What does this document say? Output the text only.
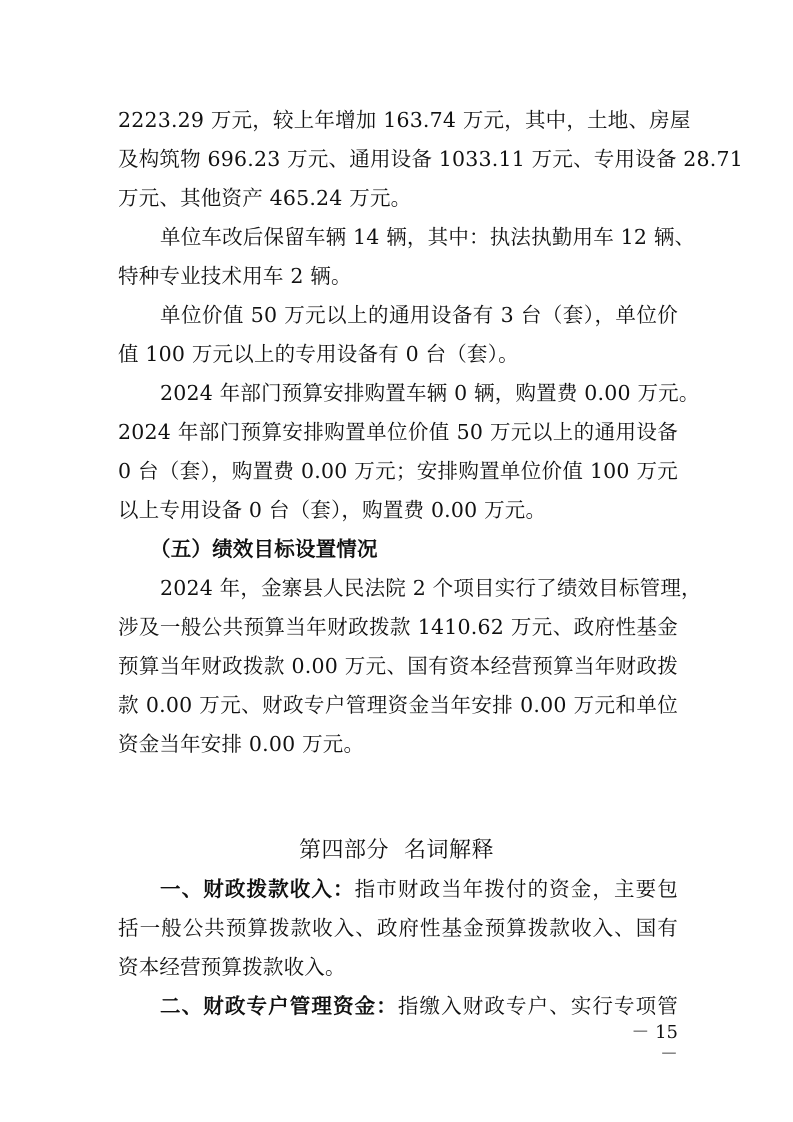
2223.29 万元，较上年增加 163.74 万元，其中，土地、房屋
及构筑物 696.23 万元、通用设备 1033.11 万元、专用设备 28.71
万元、其他资产 465.24 万元。
单位车改后保留车辆 14 辆，其中：执法执勤用车 12 辆、
特种专业技术用车 2 辆。
单位价值 50 万元以上的通用设备有 3 台（套），单位价
值 100 万元以上的专用设备有 0 台（套）。
2024 年部门预算安排购置车辆 0 辆，购置费 0.00 万元。
2024 年部门预算安排购置单位价值 50 万元以上的通用设备
0 台（套），购置费 0.00 万元；安排购置单位价值 100 万元
以上专用设备 0 台（套），购置费 0.00 万元。
（五）绩效目标设置情况
2024 年，金寨县人民法院 2 个项目实行了绩效目标管理，
涉及一般公共预算当年财政拨款 1410.62 万元、政府性基金
预算当年财政拨款 0.00 万元、国有资本经营预算当年财政拨
款 0.00 万元、财政专户管理资金当年安排 0.00 万元和单位
资金当年安排 0.00 万元。
第四部分  名词解释
一、财政拨款收入：指市财政当年拨付的资金，主要包
括一般公共预算拨款收入、政府性基金预算拨款收入、国有
资本经营预算拨款收入。
二、财政专户管理资金：指缴入财政专户、实行专项管
－ 15 －
